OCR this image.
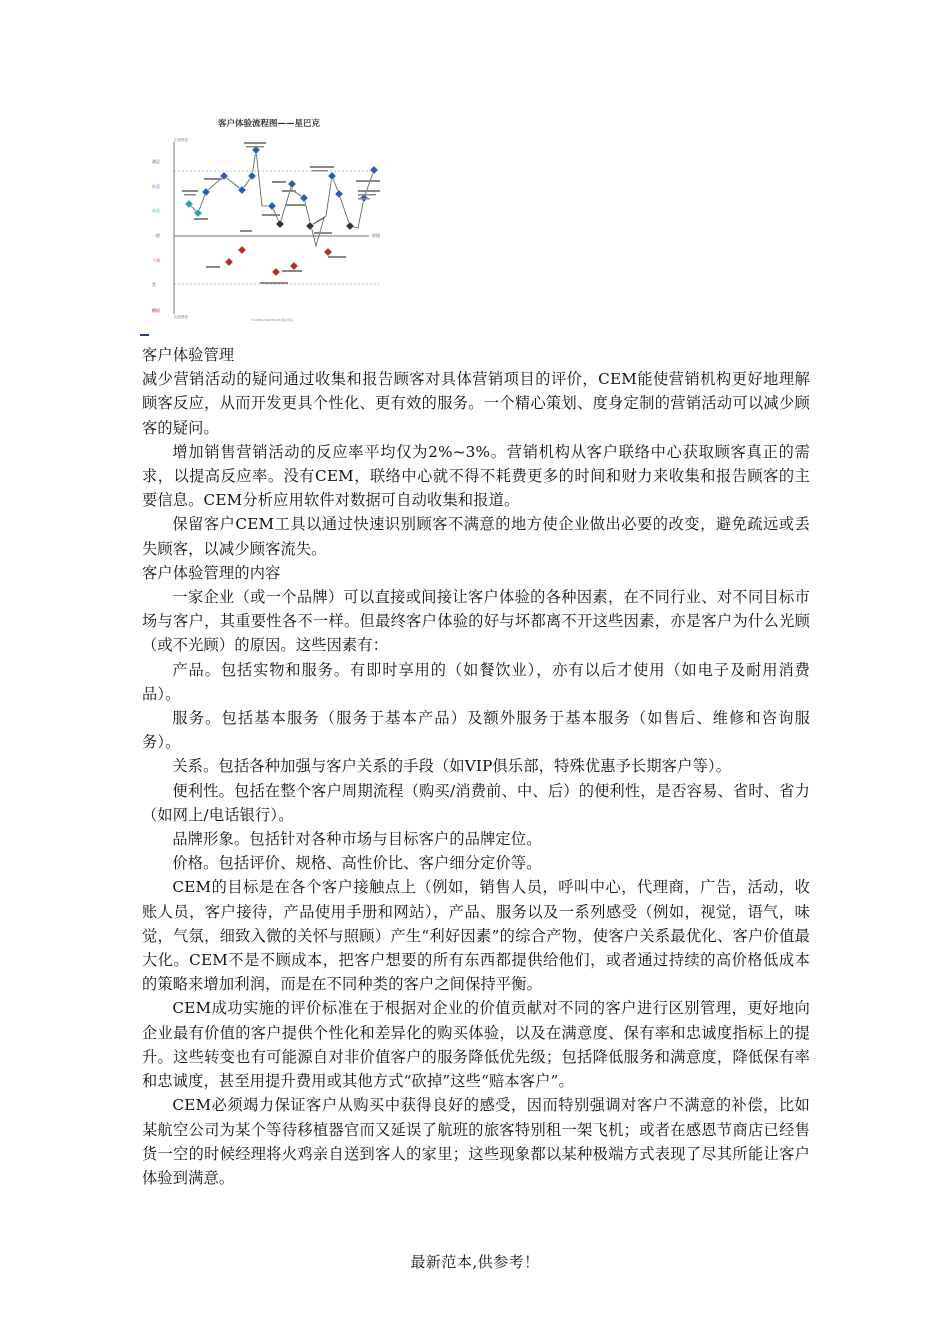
客户体验流程图——星巴克
正面感受
负面感受
满足
惊喜
满意
一般
不满
差
糟糕
时间
©1998-2004 ECCM 版权所有

客户体验管理

减少营销活动的疑问通过收集和报告顾客对具体营销项目的评价，CEM能使营销机构更好地理解顾客反应，从而开发更具个性化、更有效的服务。一个精心策划、度身定制的营销活动可以减少顾客的疑问。

增加销售营销活动的反应率平均仅为2%~3%。营销机构从客户联络中心获取顾客真正的需求，以提高反应率。没有CEM，联络中心就不得不耗费更多的时间和财力来收集和报告顾客的主要信息。CEM分析应用软件对数据可自动收集和报道。

保留客户CEM工具以通过快速识别顾客不满意的地方使企业做出必要的改变，避免疏远或丢失顾客，以减少顾客流失。

客户体验管理的内容

一家企业（或一个品牌）可以直接或间接让客户体验的各种因素，在不同行业、对不同目标市场与客户，其重要性各不一样。但最终客户体验的好与坏都离不开这些因素，亦是客户为什么光顾（或不光顾）的原因。这些因素有：

产品。包括实物和服务。有即时享用的（如餐饮业），亦有以后才使用（如电子及耐用消费品）。

服务。包括基本服务（服务于基本产品）及额外服务于基本服务（如售后、维修和咨询服务）。

关系。包括各种加强与客户关系的手段（如VIP俱乐部，特殊优惠予长期客户等）。

便利性。包括在整个客户周期流程（购买/消费前、中、后）的便利性，是否容易、省时、省力（如网上/电话银行）。

品牌形象。包括针对各种市场与目标客户的品牌定位。

价格。包括评价、规格、高性价比、客户细分定价等。

CEM的目标是在各个客户接触点上（例如，销售人员，呼叫中心，代理商，广告，活动，收账人员，客户接待，产品使用手册和网站），产品、服务以及一系列感受（例如，视觉，语气，味觉，气氛，细致入微的关怀与照顾）产生“利好因素”的综合产物，使客户关系最优化、客户价值最大化。CEM不是不顾成本，把客户想要的所有东西都提供给他们，或者通过持续的高价格低成本的策略来增加利润，而是在不同种类的客户之间保持平衡。

CEM成功实施的评价标准在于根据对企业的价值贡献对不同的客户进行区别管理，更好地向企业最有价值的客户提供个性化和差异化的购买体验，以及在满意度、保有率和忠诚度指标上的提升。这些转变也有可能源自对非价值客户的服务降低优先级；包括降低服务和满意度，降低保有率和忠诚度，甚至用提升费用或其他方式“砍掉”这些“赔本客户”。

CEM必须竭力保证客户从购买中获得良好的感受，因而特别强调对客户不满意的补偿，比如某航空公司为某个等待移植器官而又延误了航班的旅客特别租一架飞机；或者在感恩节商店已经售货一空的时候经理将火鸡亲自送到客人的家里；这些现象都以某种极端方式表现了尽其所能让客户体验到满意。

最新范本,供参考！
